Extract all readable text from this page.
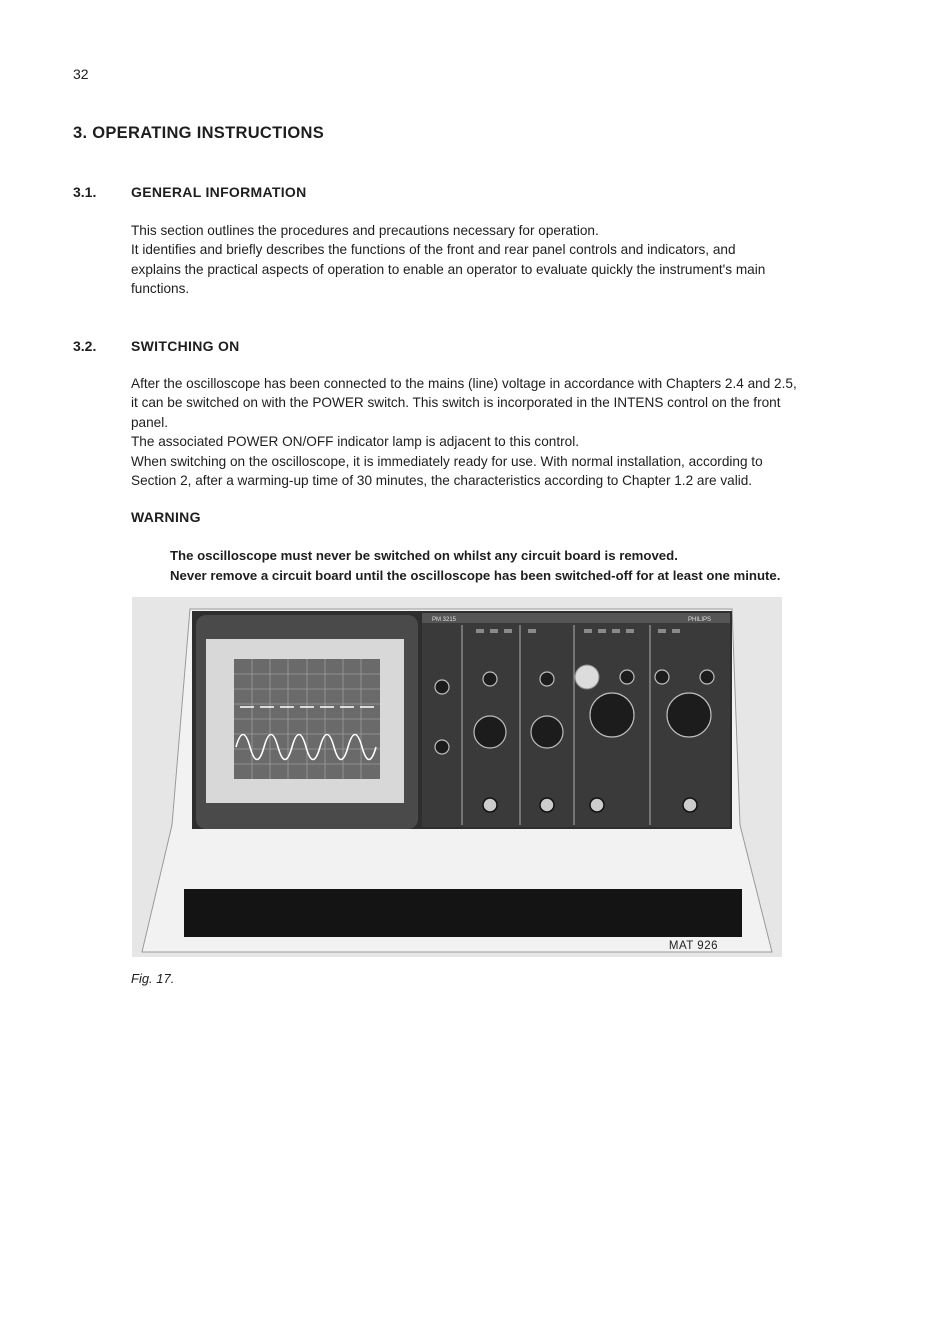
32
3. OPERATING INSTRUCTIONS
3.1. GENERAL INFORMATION
This section outlines the procedures and precautions necessary for operation.
It identifies and briefly describes the functions of the front and rear panel controls and indicators, and
explains the practical aspects of operation to enable an operator to evaluate quickly the instrument's main
functions.
3.2. SWITCHING ON
After the oscilloscope has been connected to the mains (line) voltage in accordance with Chapters 2.4 and 2.5,
it can be switched on with the POWER switch. This switch is incorporated in the INTENS control on the front
panel.
The associated POWER ON/OFF indicator lamp is adjacent to this control.
When switching on the oscilloscope, it is immediately ready for use. With normal installation, according to
Section 2, after a warming-up time of 30 minutes, the characteristics according to Chapter 1.2 are valid.
WARNING
The oscilloscope must never be switched on whilst any circuit board is removed.
Never remove a circuit board until the oscilloscope has been switched-off for at least one minute.
PM 3215	PHILIPS
MAT 926
Fig. 17.
